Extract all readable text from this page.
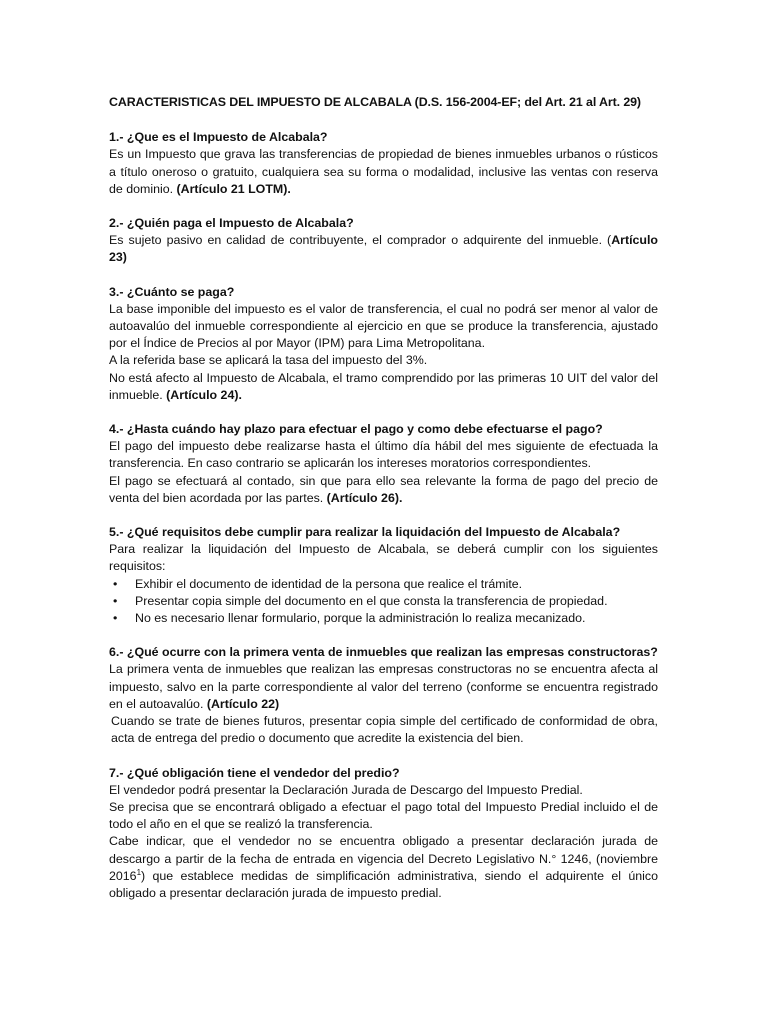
CARACTERISTICAS DEL IMPUESTO DE ALCABALA (D.S. 156-2004-EF; del Art. 21 al Art. 29)

1.- ¿Que es el Impuesto de Alcabala?

Es un Impuesto que grava las transferencias de propiedad de bienes inmuebles urbanos o rústicos a título oneroso o gratuito, cualquiera sea su forma o modalidad, inclusive las ventas con reserva de dominio. (Artículo 21 LOTM).

2.- ¿Quién paga el Impuesto de Alcabala?

Es sujeto pasivo en calidad de contribuyente, el comprador o adquirente del inmueble. (Artículo 23)

3.- ¿Cuánto se paga?

La base imponible del impuesto es el valor de transferencia, el cual no podrá ser menor al valor de autoavalúo del inmueble correspondiente al ejercicio en que se produce la transferencia, ajustado por el Índice de Precios al por Mayor (IPM) para Lima Metropolitana.

A la referida base se aplicará la tasa del impuesto del 3%.

No está afecto al Impuesto de Alcabala, el tramo comprendido por las primeras 10 UIT del valor del inmueble. (Artículo 24).

4.- ¿Hasta cuándo hay plazo para efectuar el pago y como debe efectuarse el pago?

El pago del impuesto debe realizarse hasta el último día hábil del mes siguiente de efectuada la transferencia. En caso contrario se aplicarán los intereses moratorios correspondientes.

El pago se efectuará al contado, sin que para ello sea relevante la forma de pago del precio de venta del bien acordada por las partes. (Artículo 26).

5.- ¿Qué requisitos debe cumplir para realizar la liquidación del Impuesto de Alcabala?

Para realizar la liquidación del Impuesto de Alcabala, se deberá cumplir con los siguientes requisitos:

• Exhibir el documento de identidad de la persona que realice el trámite.
• Presentar copia simple del documento en el que consta la transferencia de propiedad.
• No es necesario llenar formulario, porque la administración lo realiza mecanizado.

6.- ¿Qué ocurre con la primera venta de inmuebles que realizan las empresas constructoras?

La primera venta de inmuebles que realizan las empresas constructoras no se encuentra afecta al impuesto, salvo en la parte correspondiente al valor del terreno (conforme se encuentra registrado en el autoavalúo. (Artículo 22)

Cuando se trate de bienes futuros, presentar copia simple del certificado de conformidad de obra, acta de entrega del predio o documento que acredite la existencia del bien.

7.- ¿Qué obligación tiene el vendedor del predio?

El vendedor podrá presentar la Declaración Jurada de Descargo del Impuesto Predial.

Se precisa que se encontrará obligado a efectuar el pago total del Impuesto Predial incluido el de todo el año en el que se realizó la transferencia.

Cabe indicar, que el vendedor no se encuentra obligado a presentar declaración jurada de descargo a partir de la fecha de entrada en vigencia del Decreto Legislativo N.° 1246, (noviembre 2016$^1$) que establece medidas de simplificación administrativa, siendo el adquirente el único obligado a presentar declaración jurada de impuesto predial.
